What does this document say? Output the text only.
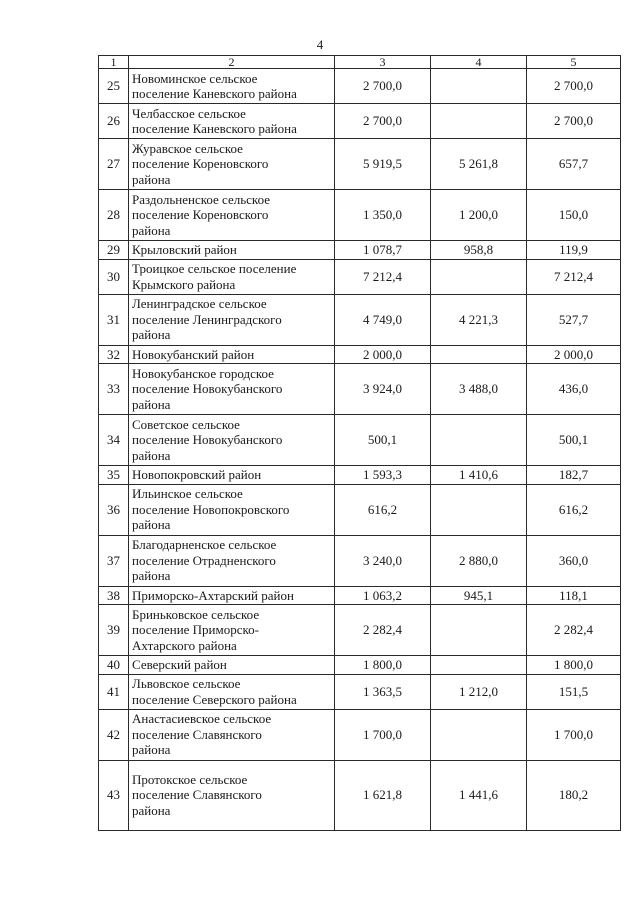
4
1	2	3	4	5
25	Новоминское сельское
поселение Каневского района	2 700,0		2 700,0
26	Челбасское сельское
поселение Каневского района	2 700,0		2 700,0
27	Журавское сельское
поселение Кореновского
района	5 919,5	5 261,8	657,7
28	Раздольненское сельское
поселение Кореновского
района	1 350,0	1 200,0	150,0
29	Крыловский район	1 078,7	958,8	119,9
30	Троицкое сельское поселение
Крымского района	7 212,4		7 212,4
31	Ленинградское сельское
поселение Ленинградского
района	4 749,0	4 221,3	527,7
32	Новокубанский район	2 000,0		2 000,0
33	Новокубанское городское
поселение Новокубанского
района	3 924,0	3 488,0	436,0
34	Советское сельское
поселение Новокубанского
района	500,1		500,1
35	Новопокровский район	1 593,3	1 410,6	182,7
36	Ильинское сельское
поселение Новопокровского
района	616,2		616,2
37	Благодарненское сельское
поселение Отрадненского
района	3 240,0	2 880,0	360,0
38	Приморско-Ахтарский район	1 063,2	945,1	118,1
39	Бриньковское сельское
поселение Приморско-
Ахтарского района	2 282,4		2 282,4
40	Северский район	1 800,0		1 800,0
41	Львовское сельское
поселение Северского района	1 363,5	1 212,0	151,5
42	Анастасиевское сельское
поселение Славянского
района	1 700,0		1 700,0
43	Протокское сельское
поселение Славянского
района	1 621,8	1 441,6	180,2
